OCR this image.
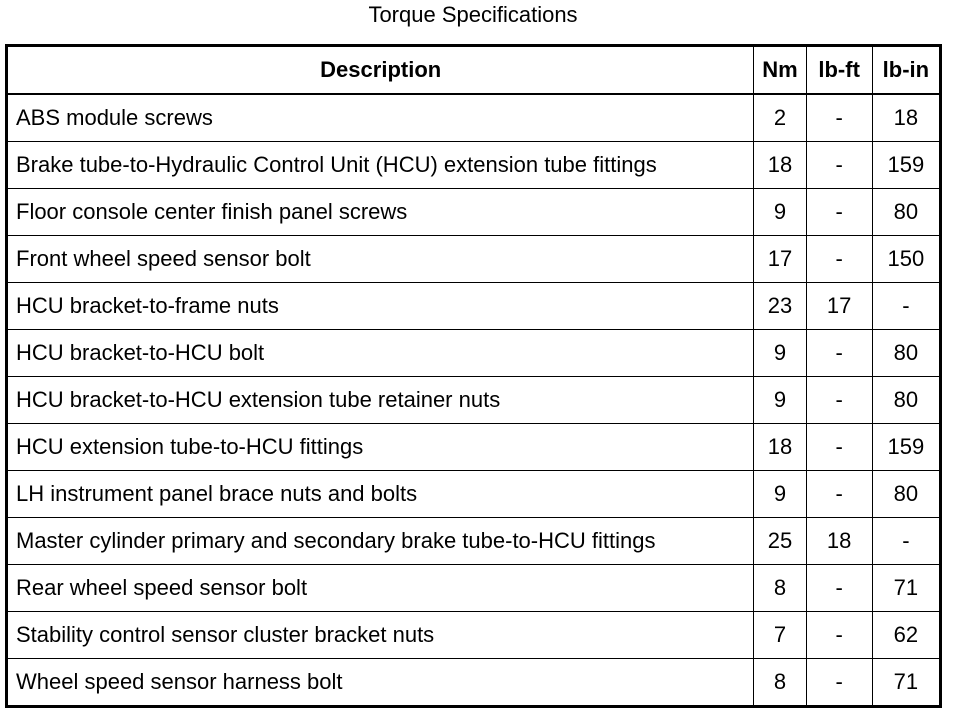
Torque Specifications
Description	Nm	lb-ft	lb-in
ABS module screws	2	-	18
Brake tube-to-Hydraulic Control Unit (HCU) extension tube fittings	18	-	159
Floor console center finish panel screws	9	-	80
Front wheel speed sensor bolt	17	-	150
HCU bracket-to-frame nuts	23	17	-
HCU bracket-to-HCU bolt	9	-	80
HCU bracket-to-HCU extension tube retainer nuts	9	-	80
HCU extension tube-to-HCU fittings	18	-	159
LH instrument panel brace nuts and bolts	9	-	80
Master cylinder primary and secondary brake tube-to-HCU fittings	25	18	-
Rear wheel speed sensor bolt	8	-	71
Stability control sensor cluster bracket nuts	7	-	62
Wheel speed sensor harness bolt	8	-	71
